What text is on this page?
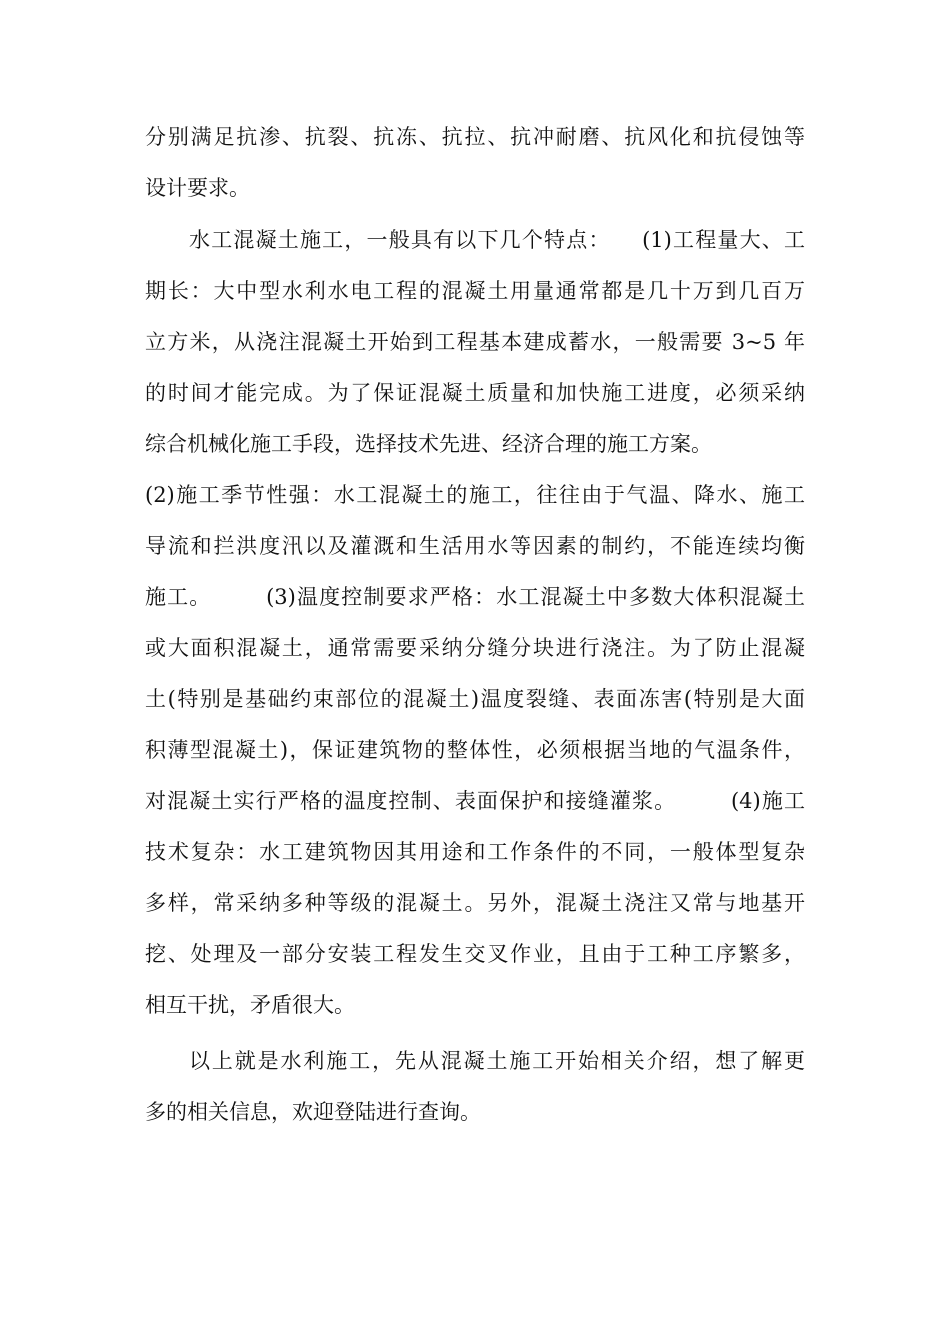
分别满足抗渗、抗裂、抗冻、抗拉、抗冲耐磨、抗风化和抗侵蚀等
设计要求。
水工混凝土施工，一般具有以下几个特点：    (1)工程量大、工
期长：大中型水利水电工程的混凝土用量通常都是几十万到几百万
立方米，从浇注混凝土开始到工程基本建成蓄水，一般需要 3~5 年
的时间才能完成。为了保证混凝土质量和加快施工进度，必须采纳
综合机械化施工手段，选择技术先进、经济合理的施工方案。
(2)施工季节性强：水工混凝土的施工，往往由于气温、降水、施工
导流和拦洪度汛以及灌溉和生活用水等因素的制约，不能连续均衡
施工。       (3)温度控制要求严格：水工混凝土中多数大体积混凝土
或大面积混凝土，通常需要采纳分缝分块进行浇注。为了防止混凝
土(特别是基础约束部位的混凝土)温度裂缝、表面冻害(特别是大面
积薄型混凝土)，保证建筑物的整体性，必须根据当地的气温条件，
对混凝土实行严格的温度控制、表面保护和接缝灌浆。       (4)施工
技术复杂：水工建筑物因其用途和工作条件的不同，一般体型复杂
多样，常采纳多种等级的混凝土。另外，混凝土浇注又常与地基开
挖、处理及一部分安装工程发生交叉作业，且由于工种工序繁多，
相互干扰，矛盾很大。
以上就是水利施工，先从混凝土施工开始相关介绍，想了解更
多的相关信息，欢迎登陆进行查询。
